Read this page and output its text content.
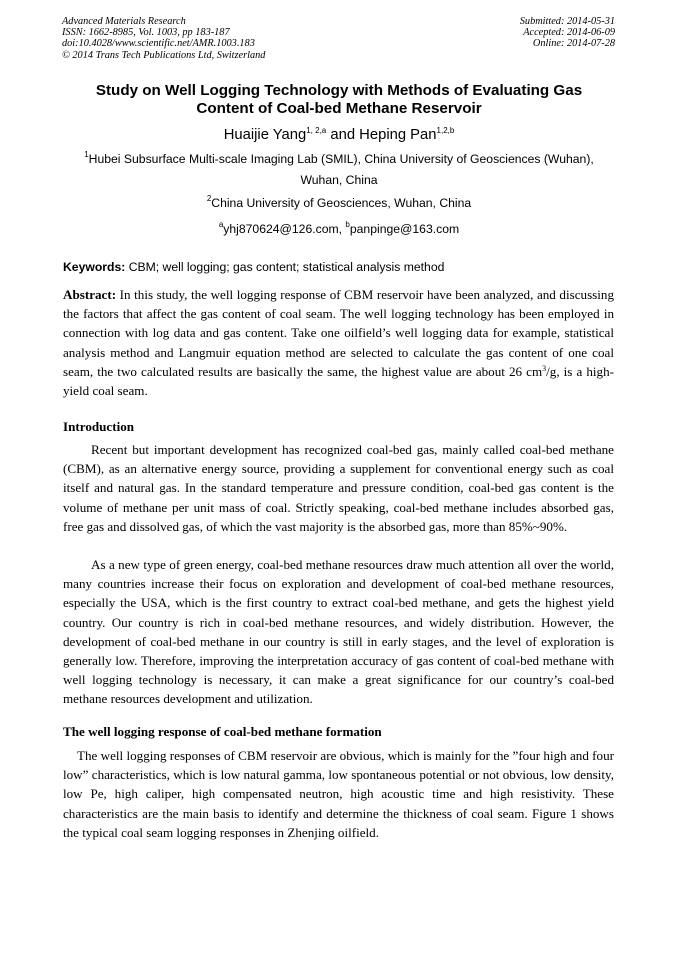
Advanced Materials Research
ISSN: 1662-8985, Vol. 1003, pp 183-187
doi:10.4028/www.scientific.net/AMR.1003.183
© 2014 Trans Tech Publications Ltd, Switzerland
Submitted: 2014-05-31
Accepted: 2014-06-09
Online: 2014-07-28
Study on Well Logging Technology with Methods of Evaluating Gas
Content of Coal-bed Methane Reservoir
Huaijie Yang$^{1, 2,a}$ and Heping Pan$^{1,2,b}$
$^1$Hubei Subsurface Multi-scale Imaging Lab (SMIL), China University of Geosciences (Wuhan),
Wuhan, China
$^2$China University of Geosciences, Wuhan, China
$^a$yhj870624@126.com, $^b$panpinge@163.com
Keywords: CBM; well logging; gas content; statistical analysis method
Abstract: In this study, the well logging response of CBM reservoir have been analyzed, and discussing the factors that affect the gas content of coal seam. The well logging technology has been employed in connection with log data and gas content. Take one oilfield’s well logging data for example, statistical analysis method and Langmuir equation method are selected to calculate the gas content of one coal seam, the two calculated results are basically the same, the highest value are about 26 $cm^3/g$, is a high-yield coal seam.
Introduction
Recent but important development has recognized coal-bed gas, mainly called coal-bed methane (CBM), as an alternative energy source, providing a supplement for conventional energy such as coal itself and natural gas. In the standard temperature and pressure condition, coal-bed gas content is the volume of methane per unit mass of coal. Strictly speaking, coal-bed methane includes absorbed gas, free gas and dissolved gas, of which the vast majority is the absorbed gas, more than 85%~90%.
As a new type of green energy, coal-bed methane resources draw much attention all over the world, many countries increase their focus on exploration and development of coal-bed methane resources, especially the USA, which is the first country to extract coal-bed methane, and gets the highest yield country. Our country is rich in coal-bed methane resources, and widely distribution. However, the development of coal-bed methane in our country is still in early stages, and the level of exploration is generally low. Therefore, improving the interpretation accuracy of gas content of coal-bed methane with well logging technology is necessary, it can make a great significance for our country’s coal-bed methane resources development and utilization.
The well logging response of coal-bed methane formation
The well logging responses of CBM reservoir are obvious, which is mainly for the ”four high and four low” characteristics, which is low natural gamma, low spontaneous potential or not obvious, low density, low Pe, high caliper, high compensated neutron, high acoustic time and high resistivity. These characteristics are the main basis to identify and determine the thickness of coal seam. Figure 1 shows the typical coal seam logging responses in Zhenjing oilfield.
